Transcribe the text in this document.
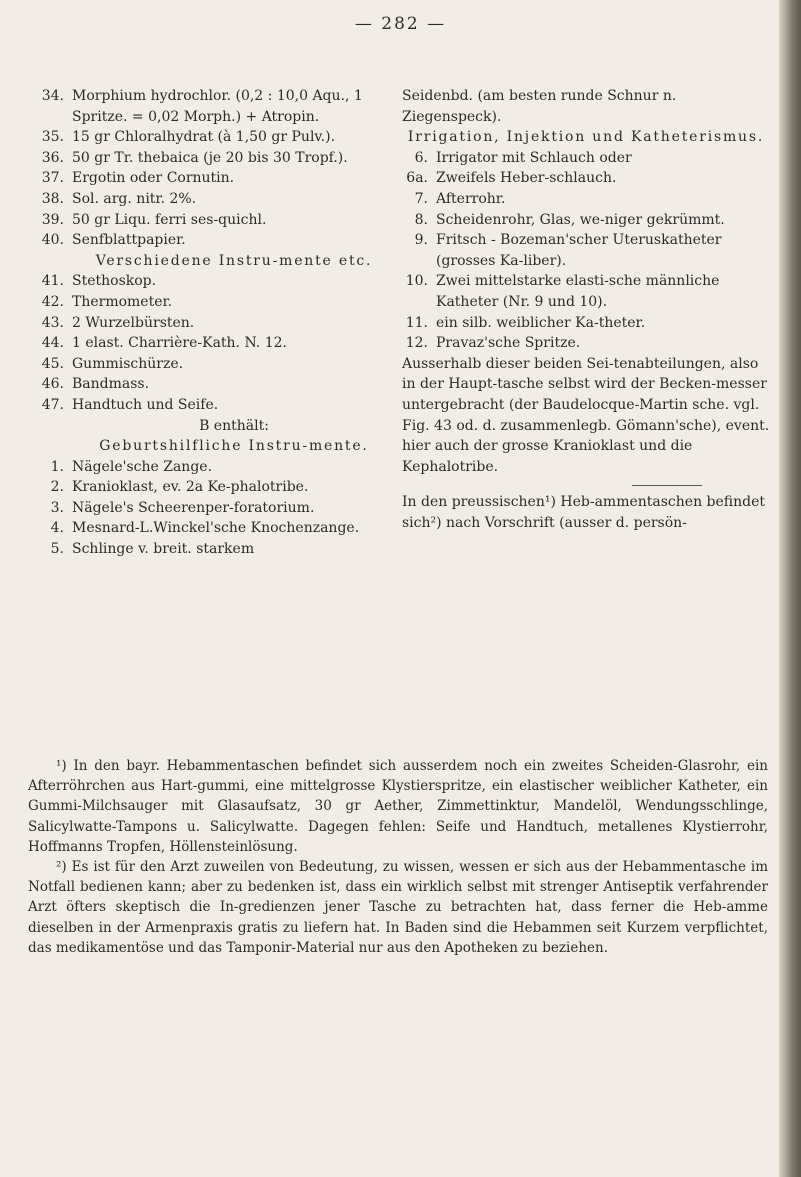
— 282 —
34. Morphium hydrochlor. (0,2 : 10,0 Aqu., 1 Spritze. = 0,02 Morph.) + Atropin.
35. 15 gr Chloralhydrat (à 1,50 gr Pulv.).
36. 50 gr Tr. thebaica (je 20 bis 30 Tropf.).
37. Ergotin oder Cornutin.
38. Sol. arg. nitr. 2%.
39. 50 gr Liqu. ferri ses-quichl.
40. Senfblattpapier.
Verschiedene Instru-mente etc.
41. Stethoskop.
42. Thermometer.
43. 2 Wurzelbürsten.
44. 1 elast. Charrière-Kath. N. 12.
45. Gummischürze.
46. Bandmass.
47. Handtuch und Seife.
B enthält:
Geburtshilfliche Instru-mente.
1. Nägele'sche Zange.
2. Kranioklast, ev. 2a Ke-phalotribe.
3. Nägele's Scheerenper-foratorium.
4. Mesnard-L.Winckel'sche Knochenzange.
5. Schlinge v. breit. starkem
Seidenbd. (am besten runde Schnur n. Ziegenspeck).
Irrigation, Injektion und Katheterismus.
6. Irrigator mit Schlauch oder
6a. Zweifels Heber-schlauch.
7. Afterrohr.
8. Scheidenrohr, Glas, we-niger gekrümmt.
9. Fritsch - Bozeman'scher Uteruskatheter (grosses Ka-liber).
10. Zwei mittelstarke elasti-sche männliche Katheter (Nr. 9 und 10).
11. ein silb. weiblicher Ka-theter.
12. Pravaz'sche Spritze.
Ausserhalb dieser beiden Sei-tenabteilungen, also in der Haupt-tasche selbst wird der Becken-messer untergebracht (der Baudelocque-Martin sche. vgl. Fig. 43 od. d. zusammenlegb. Gömann'sche), event. hier auch der grosse Kranioklast und die Kephalotribe.
In den preussischen¹) Heb-ammentaschen befindet sich²) nach Vorschrift (ausser d. persön-

¹) In den bayr. Hebammentaschen befindet sich ausserdem noch ein zweites Scheiden-Glasrohr, ein Afterröhrchen aus Hart-gummi, eine mittelgrosse Klystierspritze, ein elastischer weiblicher Katheter, ein Gummi-Milchsauger mit Glasaufsatz, 30 gr Aether, Zimmettinktur, Mandelöl, Wendungsschlinge, Salicylwatte-Tampons u. Salicylwatte. Dagegen fehlen: Seife und Handtuch, metallenes Klystierrohr, Hoffmanns Tropfen, Höllensteinlösung.

²) Es ist für den Arzt zuweilen von Bedeutung, zu wissen, wessen er sich aus der Hebammentasche im Notfall bedienen kann; aber zu bedenken ist, dass ein wirklich selbst mit strenger Antiseptik verfahrender Arzt öfters skeptisch die In-gredienzen jener Tasche zu betrachten hat, dass ferner die Heb-amme dieselben in der Armenpraxis gratis zu liefern hat. In Baden sind die Hebammen seit Kurzem verpflichtet, das medikamentöse und das Tamponir-Material nur aus den Apotheken zu beziehen.
